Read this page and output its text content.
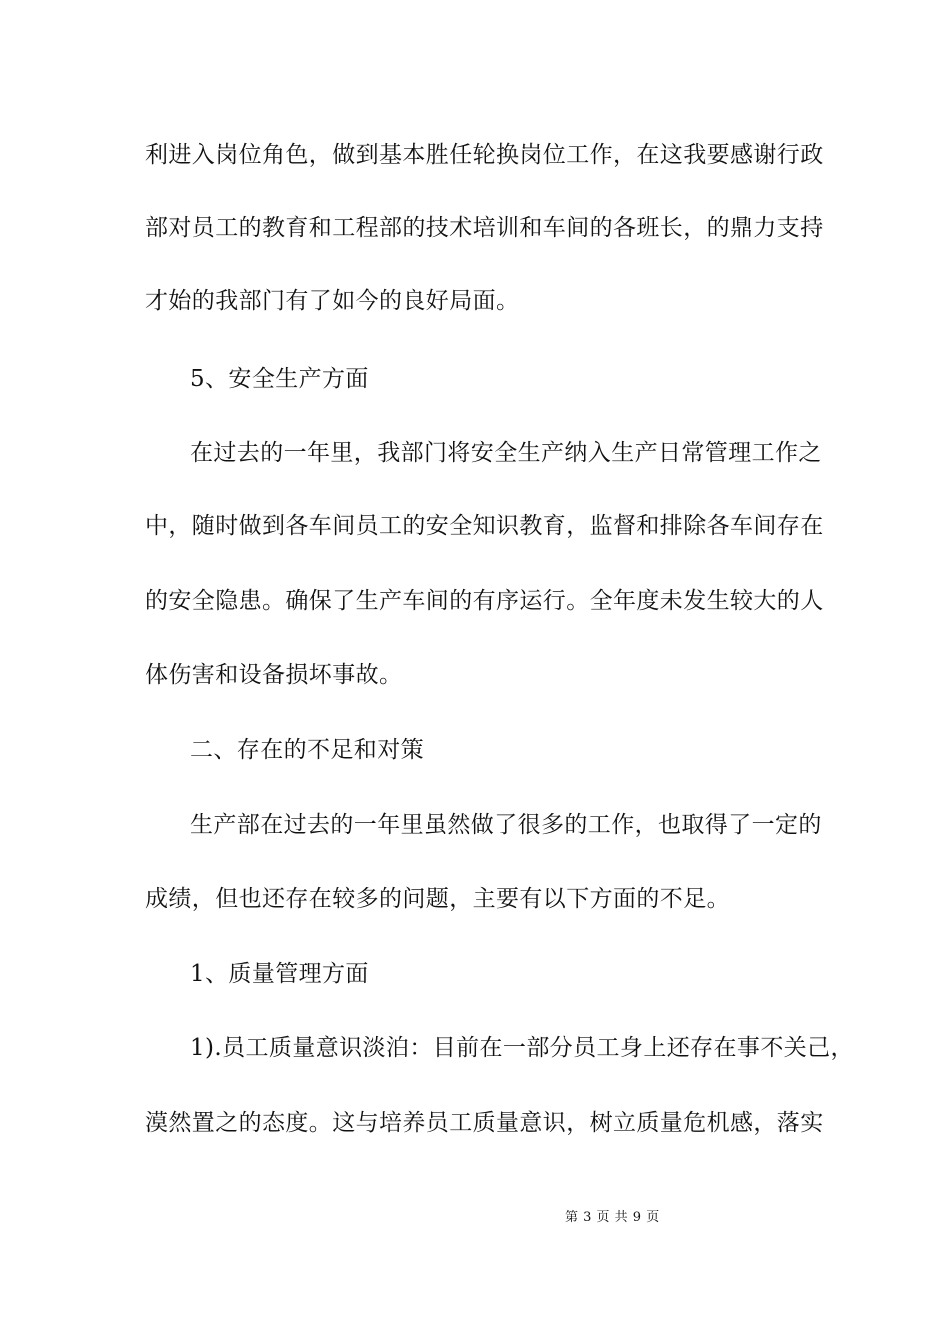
利进入岗位角色，做到基本胜任轮换岗位工作，在这我要感谢行政
部对员工的教育和工程部的技术培训和车间的各班长，的鼎力支持
才始的我部门有了如今的良好局面。
5、安全生产方面
在过去的一年里，我部门将安全生产纳入生产日常管理工作之
中，随时做到各车间员工的安全知识教育，监督和排除各车间存在
的安全隐患。确保了生产车间的有序运行。全年度未发生较大的人
体伤害和设备损坏事故。
二、存在的不足和对策
生产部在过去的一年里虽然做了很多的工作，也取得了一定的
成绩，但也还存在较多的问题，主要有以下方面的不足。
1、质量管理方面
1).员工质量意识淡泊：目前在一部分员工身上还存在事不关己，
漠然置之的态度。这与培养员工质量意识，树立质量危机感，落实
第 3 页 共 9 页
